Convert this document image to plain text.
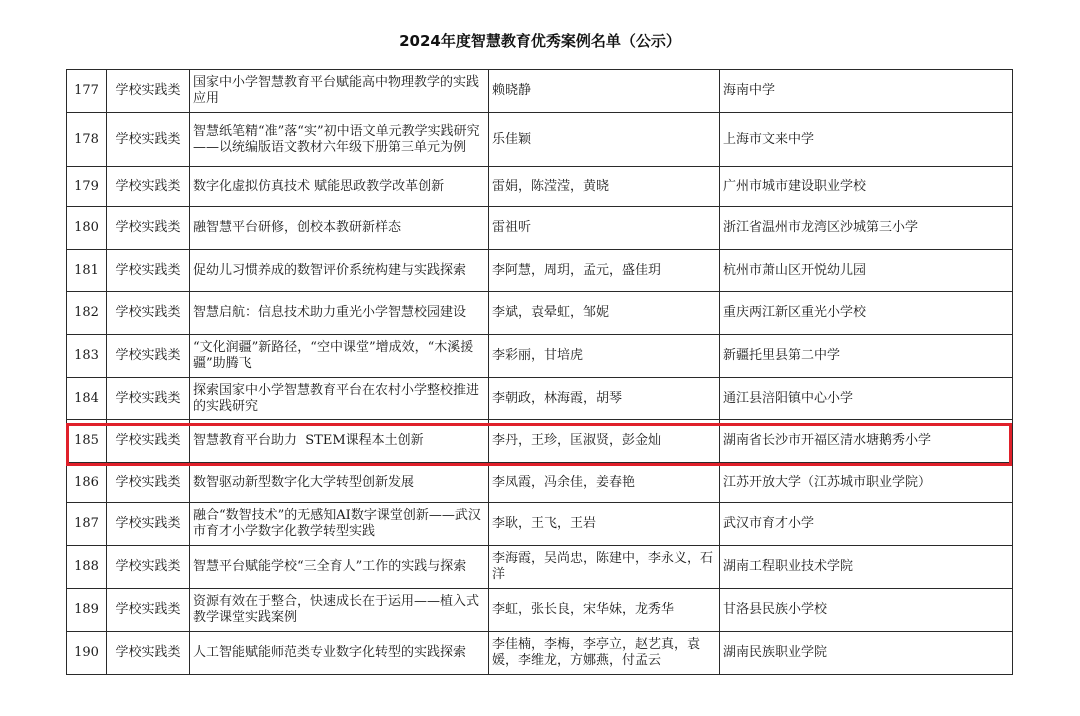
2024年度智慧教育优秀案例名单（公示）
177	学校实践类	国家中小学智慧教育平台赋能高中物理教学的实践应用	赖晓静	海南中学
178	学校实践类	智慧纸笔精“准”落“实”初中语文单元教学实践研究——以统编版语文教材六年级下册第三单元为例	乐佳颖	上海市文来中学
179	学校实践类	数字化虚拟仿真技术 赋能思政教学改革创新	雷娟，陈滢滢，黄晓	广州市城市建设职业学校
180	学校实践类	融智慧平台研修，创校本教研新样态	雷祖听	浙江省温州市龙湾区沙城第三小学
181	学校实践类	促幼儿习惯养成的数智评价系统构建与实践探索	李阿慧，周玥，孟元，盛佳玥	杭州市萧山区开悦幼儿园
182	学校实践类	智慧启航：信息技术助力重光小学智慧校园建设	李斌，袁晕虹，邹妮	重庆两江新区重光小学校
183	学校实践类	“文化润疆”新路径，“空中课堂”增成效，“木溪援疆”助腾飞	李彩丽，甘培虎	新疆托里县第二中学
184	学校实践类	探索国家中小学智慧教育平台在农村小学整校推进的实践研究	李朝政，林海霞，胡琴	通江县涪阳镇中心小学
185	学校实践类	智慧教育平台助力  STEM课程本土创新	李丹，王珍，匡淑贤，彭金灿	湖南省长沙市开福区清水塘鹅秀小学
186	学校实践类	数智驱动新型数字化大学转型创新发展	李凤霞，冯余佳，姜春艳	江苏开放大学（江苏城市职业学院）
187	学校实践类	融合“数智技术”的无感知AI数字课堂创新——武汉市育才小学数字化教学转型实践	李耿，王飞，王岩	武汉市育才小学
188	学校实践类	智慧平台赋能学校“三全育人”工作的实践与探索	李海霞，吴尚忠，陈建中，李永义，石洋	湖南工程职业技术学院
189	学校实践类	资源有效在于整合，快速成长在于运用——植入式教学课堂实践案例	李虹，张长良，宋华妹，龙秀华	甘洛县民族小学校
190	学校实践类	人工智能赋能师范类专业数字化转型的实践探索	李佳楠，李梅，李亭立，赵艺真，袁媛，李维龙，方娜燕，付孟云	湖南民族职业学院
